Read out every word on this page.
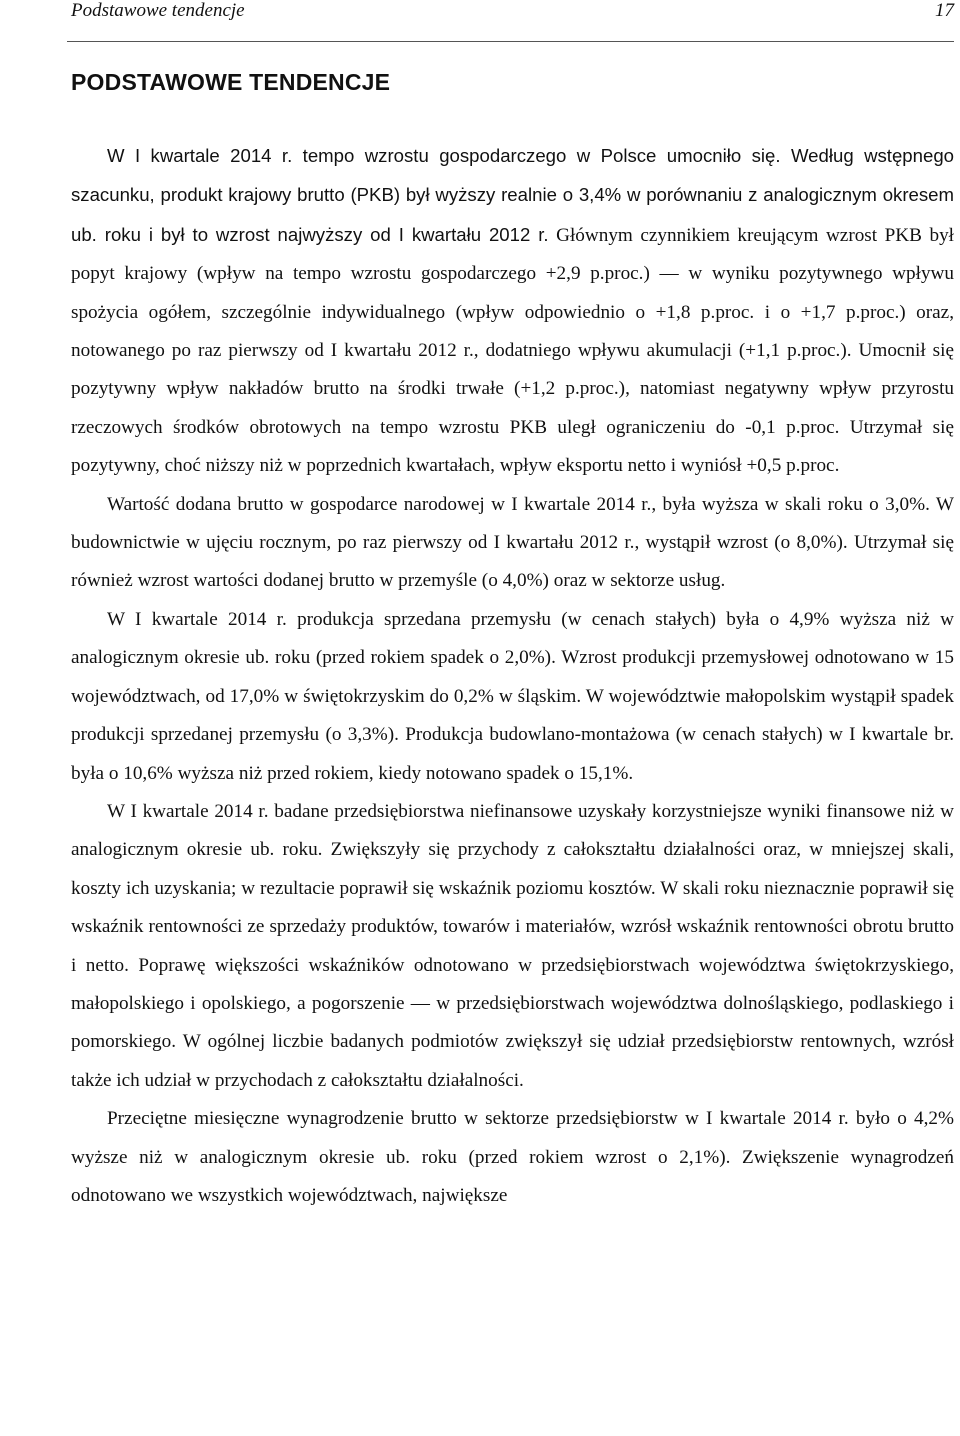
Podstawowe tendencje	17
PODSTAWOWE TENDENCJE

W I kwartale 2014 r. tempo wzrostu gospodarczego w Polsce umocniło się. Według wstępnego szacunku, produkt krajowy brutto (PKB) był wyższy realnie o 3,4% w porównaniu z analogicznym okresem ub. roku i był to wzrost najwyższy od I kwartału 2012 r. Głównym czynnikiem kreującym wzrost PKB był popyt krajowy (wpływ na tempo wzrostu gospodarczego +2,9 p.proc.) — w wyniku pozytywnego wpływu spożycia ogółem, szczególnie indywidualnego (wpływ odpowiednio o +1,8 p.proc. i o +1,7 p.proc.) oraz, notowanego po raz pierwszy od I kwartału 2012 r., dodatniego wpływu akumulacji (+1,1 p.proc.). Umocnił się pozytywny wpływ nakładów brutto na środki trwałe (+1,2 p.proc.), natomiast negatywny wpływ przyrostu rzeczowych środków obrotowych na tempo wzrostu PKB uległ ograniczeniu do -0,1 p.proc. Utrzymał się pozytywny, choć niższy niż w poprzednich kwartałach, wpływ eksportu netto i wyniósł +0,5 p.proc.

Wartość dodana brutto w gospodarce narodowej w I kwartale 2014 r., była wyższa w skali roku o 3,0%. W budownictwie w ujęciu rocznym, po raz pierwszy od I kwartału 2012 r., wystąpił wzrost (o 8,0%). Utrzymał się również wzrost wartości dodanej brutto w przemyśle (o 4,0%) oraz w sektorze usług.

W I kwartale 2014 r. produkcja sprzedana przemysłu (w cenach stałych) była o 4,9% wyższa niż w analogicznym okresie ub. roku (przed rokiem spadek o 2,0%). Wzrost produkcji przemysłowej odnotowano w 15 województwach, od 17,0% w świętokrzyskim do 0,2% w śląskim. W województwie małopolskim wystąpił spadek produkcji sprzedanej przemysłu (o 3,3%). Produkcja budowlano-montażowa (w cenach stałych) w I kwartale br. była o 10,6% wyższa niż przed rokiem, kiedy notowano spadek o 15,1%.

W I kwartale 2014 r. badane przedsiębiorstwa niefinansowe uzyskały korzystniejsze wyniki finansowe niż w analogicznym okresie ub. roku. Zwiększyły się przychody z całokształtu działalności oraz, w mniejszej skali, koszty ich uzyskania; w rezultacie poprawił się wskaźnik poziomu kosztów. W skali roku nieznacznie poprawił się wskaźnik rentowności ze sprzedaży produktów, towarów i materiałów, wzrósł wskaźnik rentowności obrotu brutto i netto. Poprawę większości wskaźników odnotowano w przedsiębiorstwach województwa świętokrzyskiego, małopolskiego i opolskiego, a pogorszenie — w przedsiębiorstwach województwa dolnośląskiego, podlaskiego i pomorskiego. W ogólnej liczbie badanych podmiotów zwiększył się udział przedsiębiorstw rentownych, wzrósł także ich udział w przychodach z całokształtu działalności.

Przeciętne miesięczne wynagrodzenie brutto w sektorze przedsiębiorstw w I kwartale 2014 r. było o 4,2% wyższe niż w analogicznym okresie ub. roku (przed rokiem wzrost o 2,1%). Zwiększenie wynagrodzeń odnotowano we wszystkich województwach, największe
